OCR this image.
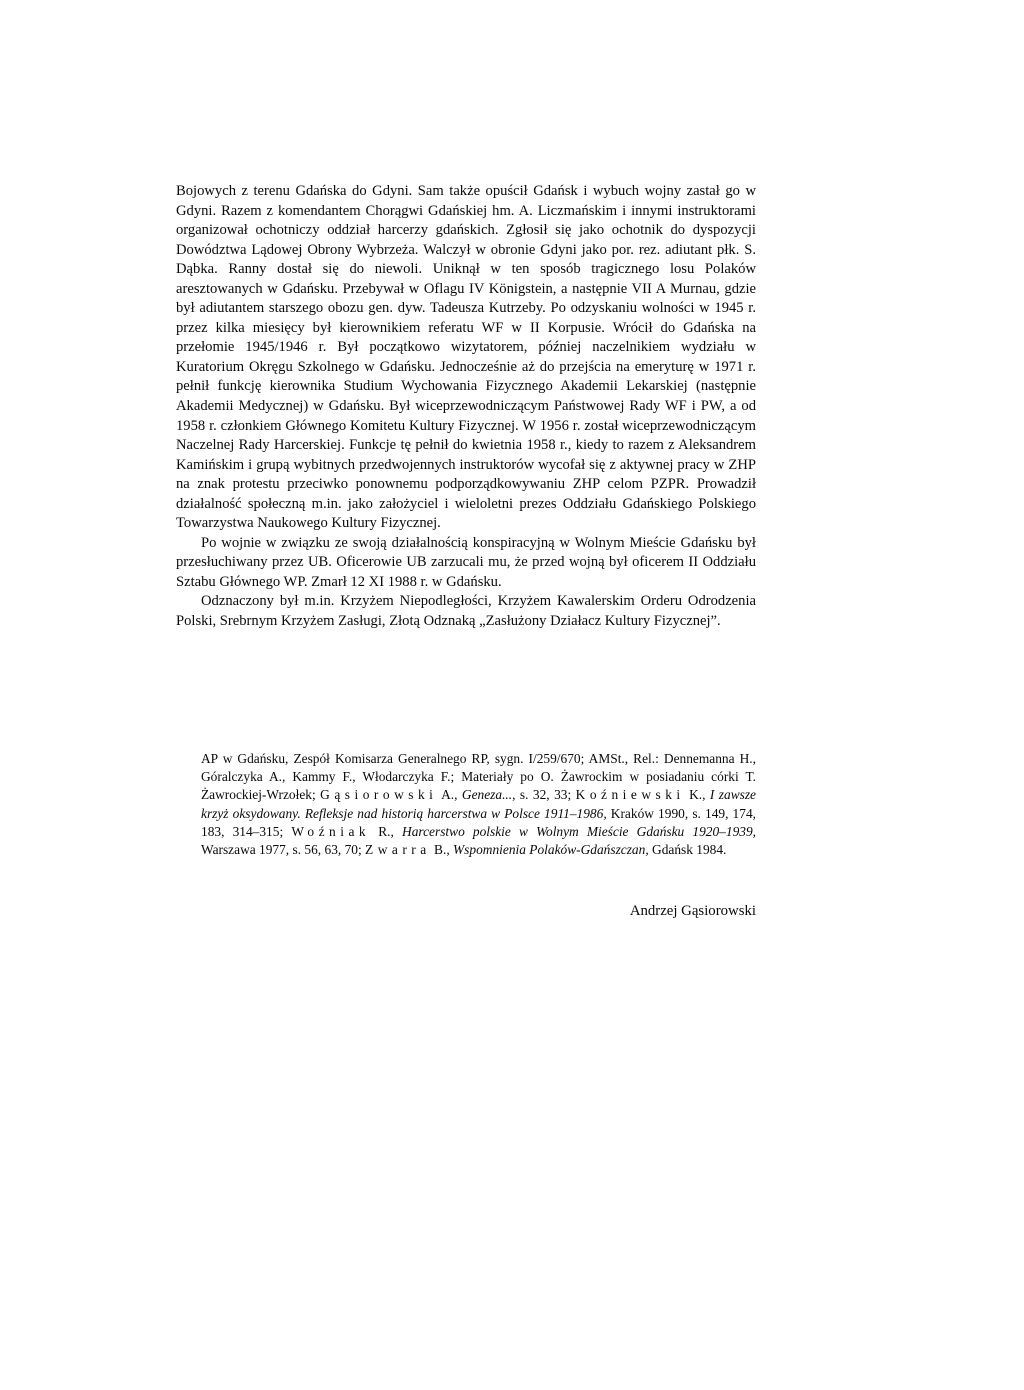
Bojowych z terenu Gdańska do Gdyni. Sam także opuścił Gdańsk i wybuch wojny zastał go w Gdyni. Razem z komendantem Chorągwi Gdańskiej hm. A. Liczmańskim i innymi instruktorami organizował ochotniczy oddział harcerzy gdańskich. Zgłosił się jako ochotnik do dyspozycji Dowództwa Lądowej Obrony Wybrzeża. Walczył w obronie Gdyni jako por. rez. adiutant płk. S. Dąbka. Ranny dostał się do niewoli. Uniknął w ten sposób tragicznego losu Polaków aresztowanych w Gdańsku. Przebywał w Oflagu IV Königstein, a następnie VII A Murnau, gdzie był adiutantem starszego obozu gen. dyw. Tadeusza Kutrzeby. Po odzyskaniu wolności w 1945 r. przez kilka miesięcy był kierownikiem referatu WF w II Korpusie. Wrócił do Gdańska na przełomie 1945/1946 r. Był początkowo wizytatorem, później naczelnikiem wydziału w Kuratorium Okręgu Szkolnego w Gdańsku. Jednocześnie aż do przejścia na emeryturę w 1971 r. pełnił funkcję kierownika Studium Wychowania Fizycznego Akademii Lekarskiej (następnie Akademii Medycznej) w Gdańsku. Był wiceprzewodniczącym Państwowej Rady WF i PW, a od 1958 r. członkiem Głównego Komitetu Kultury Fizycznej. W 1956 r. został wiceprzewodniczącym Naczelnej Rady Harcerskiej. Funkcje tę pełnił do kwietnia 1958 r., kiedy to razem z Aleksandrem Kamińskim i grupą wybitnych przedwojennych instruktorów wycofał się z aktywnej pracy w ZHP na znak protestu przeciwko ponownemu podporządkowywaniu ZHP celom PZPR. Prowadził działalność społeczną m.in. jako założyciel i wieloletni prezes Oddziału Gdańskiego Polskiego Towarzystwa Naukowego Kultury Fizycznej.

Po wojnie w związku ze swoją działalnością konspiracyjną w Wolnym Mieście Gdańsku był przesłuchiwany przez UB. Oficerowie UB zarzucali mu, że przed wojną był oficerem II Oddziału Sztabu Głównego WP. Zmarł 12 XI 1988 r. w Gdańsku.

Odznaczony był m.in. Krzyżem Niepodległości, Krzyżem Kawalerskim Orderu Odrodzenia Polski, Srebrnym Krzyżem Zasługi, Złotą Odznaką „Zasłużony Działacz Kultury Fizycznej”.

AP w Gdańsku, Zespół Komisarza Generalnego RP, sygn. I/259/670; AMSt., Rel.: Dennemanna H., Góralczyka A., Kammy F., Włodarczyka F.; Materiały po O. Żawrockim w posiadaniu córki T. Żawrockiej-Wrzołek; Gąsiorowski A., Geneza..., s. 32, 33; Koźniewski K., I zawsze krzyż oksydowany. Refleksje nad historią harcerstwa w Polsce 1911–1986, Kraków 1990, s. 149, 174, 183, 314–315; Woźniak R., Harcerstwo polskie w Wolnym Mieście Gdańsku 1920–1939, Warszawa 1977, s. 56, 63, 70; Zwarra B., Wspomnienia Polaków-Gdańszczan, Gdańsk 1984.

Andrzej Gąsiorowski
